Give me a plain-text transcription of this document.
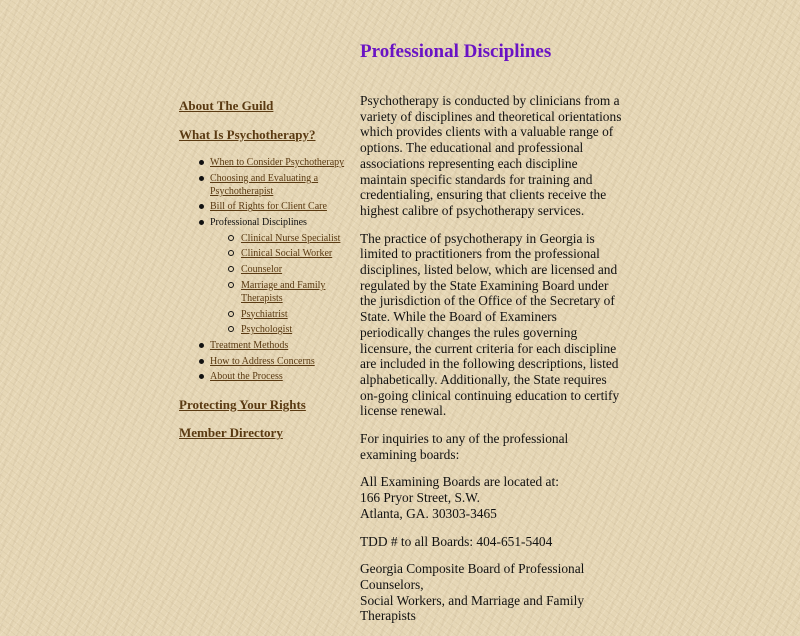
Professional Disciplines
About The Guild
What Is Psychotherapy?
When to Consider Psychotherapy
Choosing and Evaluating a Psychotherapist
Bill of Rights for Client Care
Professional Disciplines
Clinical Nurse Specialist
Clinical Social Worker
Counselor
Marriage and Family Therapists
Psychiatrist
Psychologist
Treatment Methods
How to Address Concerns
About the Process
Protecting Your Rights
Member Directory

Psychotherapy is conducted by clinicians from a variety of disciplines and theoretical orientations which provides clients with a valuable range of options. The educational and professional associations representing each discipline maintain specific standards for training and credentialing, ensuring that clients receive the highest calibre of psychotherapy services.

The practice of psychotherapy in Georgia is limited to practitioners from the professional disciplines, listed below, which are licensed and regulated by the State Examining Board under the jurisdiction of the Office of the Secretary of State. While the Board of Examiners periodically changes the rules governing licensure, the current criteria for each discipline are included in the following descriptions, listed alphabetically. Additionally, the State requires on-going clinical continuing education to certify license renewal.

For inquiries to any of the professional examining boards:

All Examining Boards are located at:
166 Pryor Street, S.W.
Atlanta, GA. 30303-3465

TDD # to all Boards: 404-651-5404

Georgia Composite Board of Professional Counselors,
Social Workers, and Marriage and Family Therapists
